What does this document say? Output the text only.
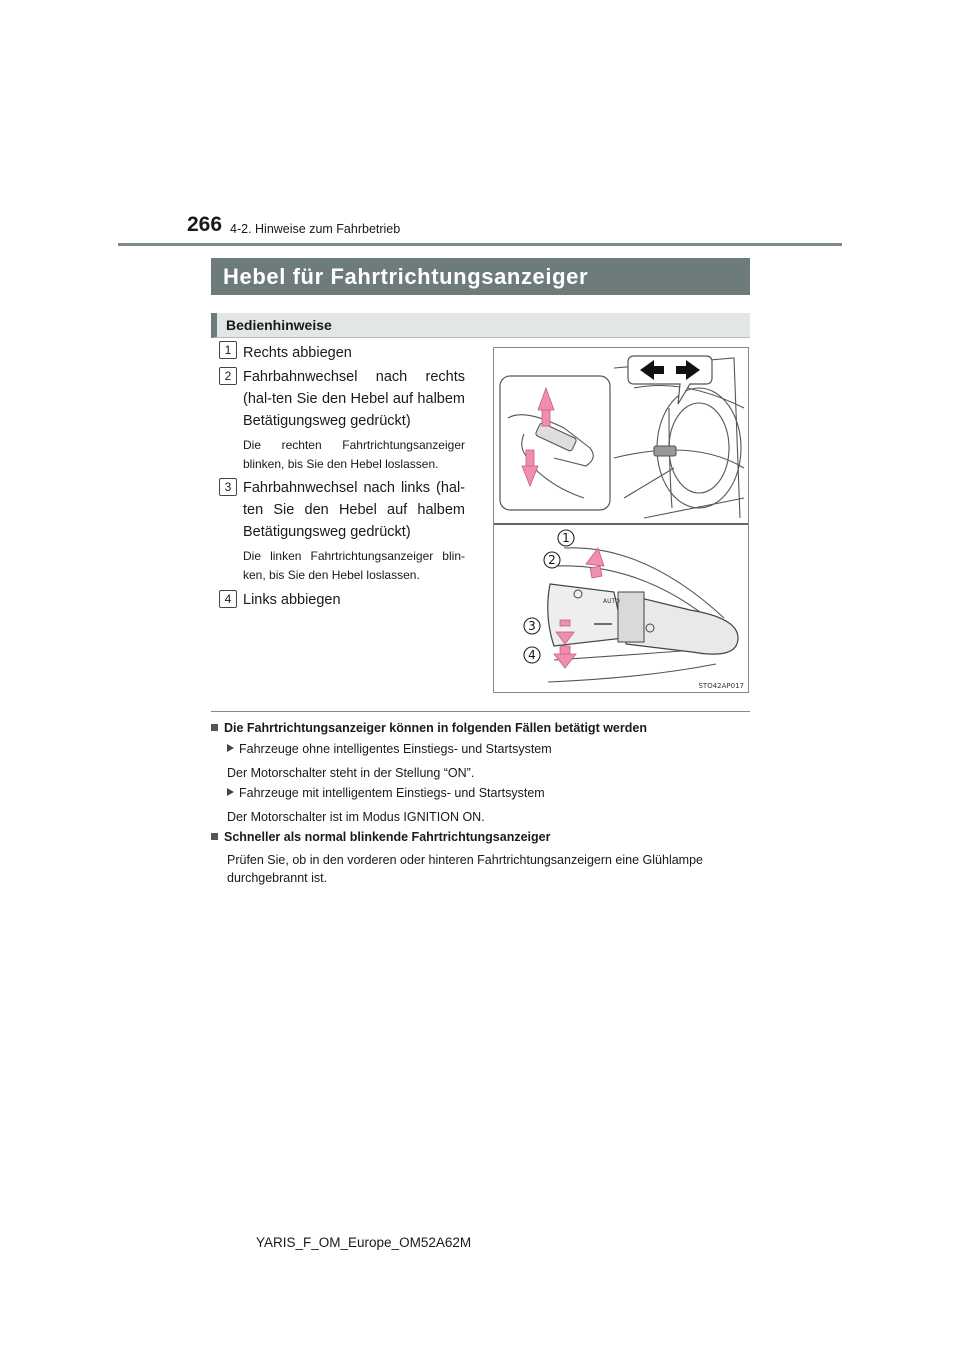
266 4-2. Hinweise zum Fahrbetrieb
Hebel für Fahrtrichtungsanzeiger
Bedienhinweise
1 Rechts abbiegen
2 Fahrbahnwechsel nach rechts (hal-ten Sie den Hebel auf halbem Betätigungsweg gedrückt)
Die rechten Fahrtrichtungsanzeiger blinken, bis Sie den Hebel loslassen.
3 Fahrbahnwechsel nach links (hal-ten Sie den Hebel auf halbem Betätigungsweg gedrückt)
Die linken Fahrtrichtungsanzeiger blin-ken, bis Sie den Hebel loslassen.
4 Links abbiegen	AUTO
1
2
3
4
STO42AP017
Die Fahrtrichtungsanzeiger können in folgenden Fällen betätigt werden
Fahrzeuge ohne intelligentes Einstiegs- und Startsystem
Der Motorschalter steht in der Stellung “ON”.
Fahrzeuge mit intelligentem Einstiegs- und Startsystem
Der Motorschalter ist im Modus IGNITION ON.
Schneller als normal blinkende Fahrtrichtungsanzeiger
Prüfen Sie, ob in den vorderen oder hinteren Fahrtrichtungsanzeigern eine Glühlampe durchgebrannt ist.
YARIS_F_OM_Europe_OM52A62M
